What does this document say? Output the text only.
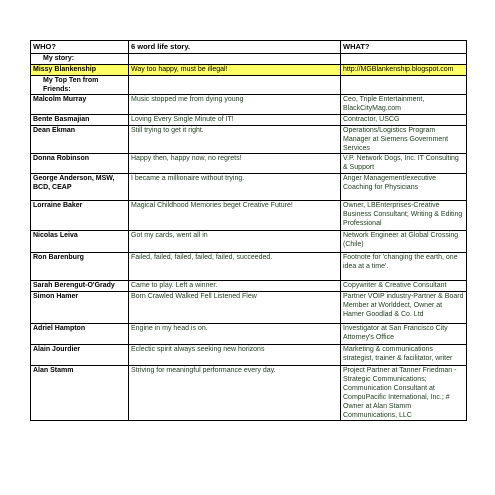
WHO?	6 word life story.	WHAT?
My story:		
Missy Blankenship	Way too happy, must be illegal!	http://MGBlankenship.blogspot.com
My Top Ten from Friends:		
Malcolm Murray	Music stopped me from dying young	Ceo, Triple Entertainment, BlackCityMag.com
Bente Basmajian	Loving Every Single Minute of IT!	Contractor, USCG
Dean Ekman	Still trying to get it right.	Operations/Logistics Program Manager at Siemens Government Services
Donna Robinson	Happy then, happy now, no regrets!	V.P. Network Dogs, Inc. IT Consulting & Support
George Anderson, MSW, BCD, CEAP	I became a millionaire without trying.	Anger Management/executive Coaching for Physicians
Lorraine Baker	Magical Childhood Memories beget Creative Future!	Owner, LBEnterprises-Creative Business Consultant; Writing & Editing Professional
Nicolas Leiva	Got my cards, went all in	Network Engineer at Global Crossing (Chile)
Ron Barenburg	Failed, failed, failed, failed, failed, succeeded.	Footnote for 'changing the earth, one idea at a time'.
Sarah Berengut-O'Grady	Came to play. Left a winner.	Copywriter & Creative Consultant
Simon Hamer	Born Crawled Walked Fell Listened Flew	Partner VOIP industry-Partner & Board Member at Worlddect, Owner at Hamer Goodlad & Co. Ltd
Adriel Hampton	Engine in my head is on.	Investigator at San Francisco City Attorney's Office
Alain Jourdier	Eclectic spirit always seeking new horizons	Marketing & communications strategist, trainer & facilitator, writer
Alan Stamm	Striving for meaningful performance every day.	Project Partner at Tanner Friedman - Strategic Communications; Communication Consultant at CompuPacific International, Inc.; # Owner at Alan Stamm Communications, LLC
